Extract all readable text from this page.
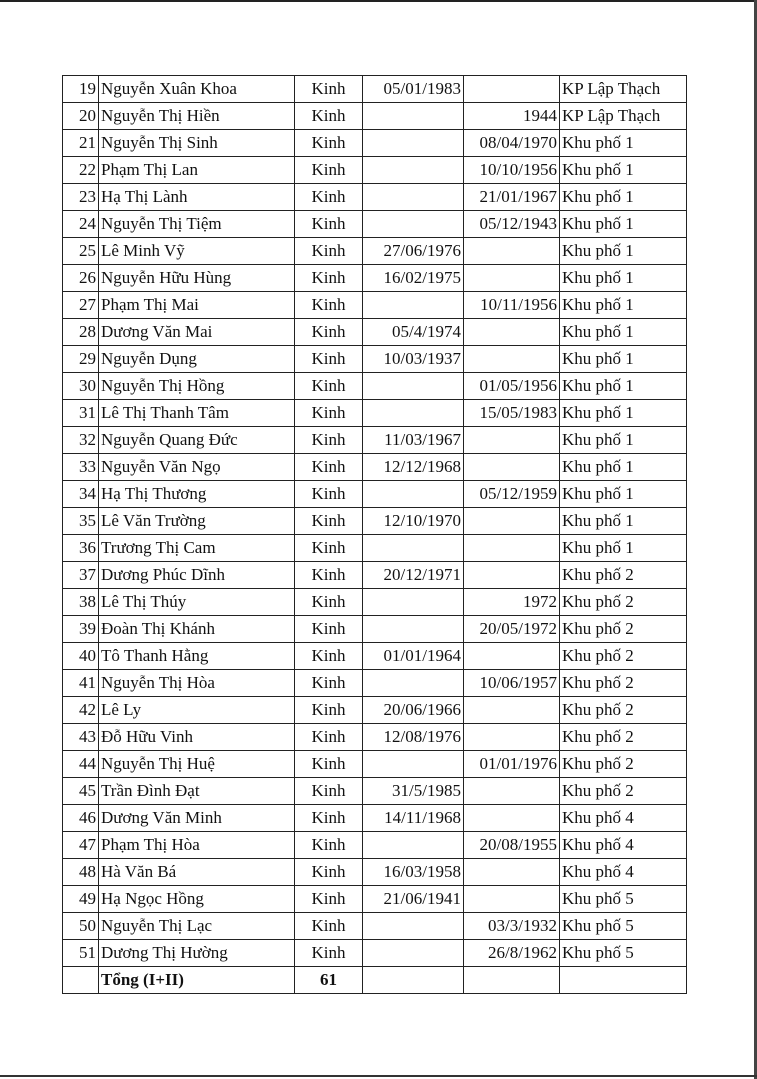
19	Nguyễn Xuân Khoa	Kinh	05/01/1983		KP Lập Thạch
20	Nguyễn Thị Hiền	Kinh		1944	KP Lập Thạch
21	Nguyễn Thị Sinh	Kinh		08/04/1970	Khu phố 1
22	Phạm Thị Lan	Kinh		10/10/1956	Khu phố 1
23	Hạ Thị Lành	Kinh		21/01/1967	Khu phố 1
24	Nguyễn Thị Tiệm	Kinh		05/12/1943	Khu phố 1
25	Lê Minh Vỹ	Kinh	27/06/1976		Khu phố 1
26	Nguyễn Hữu Hùng	Kinh	16/02/1975		Khu phố 1
27	Phạm Thị Mai	Kinh		10/11/1956	Khu phố 1
28	Dương Văn Mai	Kinh	05/4/1974		Khu phố 1
29	Nguyễn Dụng	Kinh	10/03/1937		Khu phố 1
30	Nguyễn Thị Hồng	Kinh		01/05/1956	Khu phố 1
31	Lê Thị Thanh Tâm	Kinh		15/05/1983	Khu phố 1
32	Nguyễn Quang Đức	Kinh	11/03/1967		Khu phố 1
33	Nguyễn Văn Ngọ	Kinh	12/12/1968		Khu phố 1
34	Hạ Thị Thương	Kinh		05/12/1959	Khu phố 1
35	Lê Văn Trường	Kinh	12/10/1970		Khu phố 1
36	Trương Thị Cam	Kinh			Khu phố 1
37	Dương Phúc Dĩnh	Kinh	20/12/1971		Khu phố 2
38	Lê Thị Thúy	Kinh		1972	Khu phố 2
39	Đoàn Thị Khánh	Kinh		20/05/1972	Khu phố 2
40	Tô Thanh Hằng	Kinh	01/01/1964		Khu phố 2
41	Nguyễn Thị Hòa	Kinh		10/06/1957	Khu phố 2
42	Lê Ly	Kinh	20/06/1966		Khu phố 2
43	Đỗ Hữu Vinh	Kinh	12/08/1976		Khu phố 2
44	Nguyễn Thị Huệ	Kinh		01/01/1976	Khu phố 2
45	Trần Đình Đạt	Kinh	31/5/1985		Khu phố 2
46	Dương Văn Minh	Kinh	14/11/1968		Khu phố 4
47	Phạm Thị Hòa	Kinh		20/08/1955	Khu phố 4
48	Hà Văn Bá	Kinh	16/03/1958		Khu phố 4
49	Hạ Ngọc Hồng	Kinh	21/06/1941		Khu phố 5
50	Nguyễn Thị Lạc	Kinh		03/3/1932	Khu phố 5
51	Dương Thị Hường	Kinh		26/8/1962	Khu phố 5
	Tổng (I+II)	61			
